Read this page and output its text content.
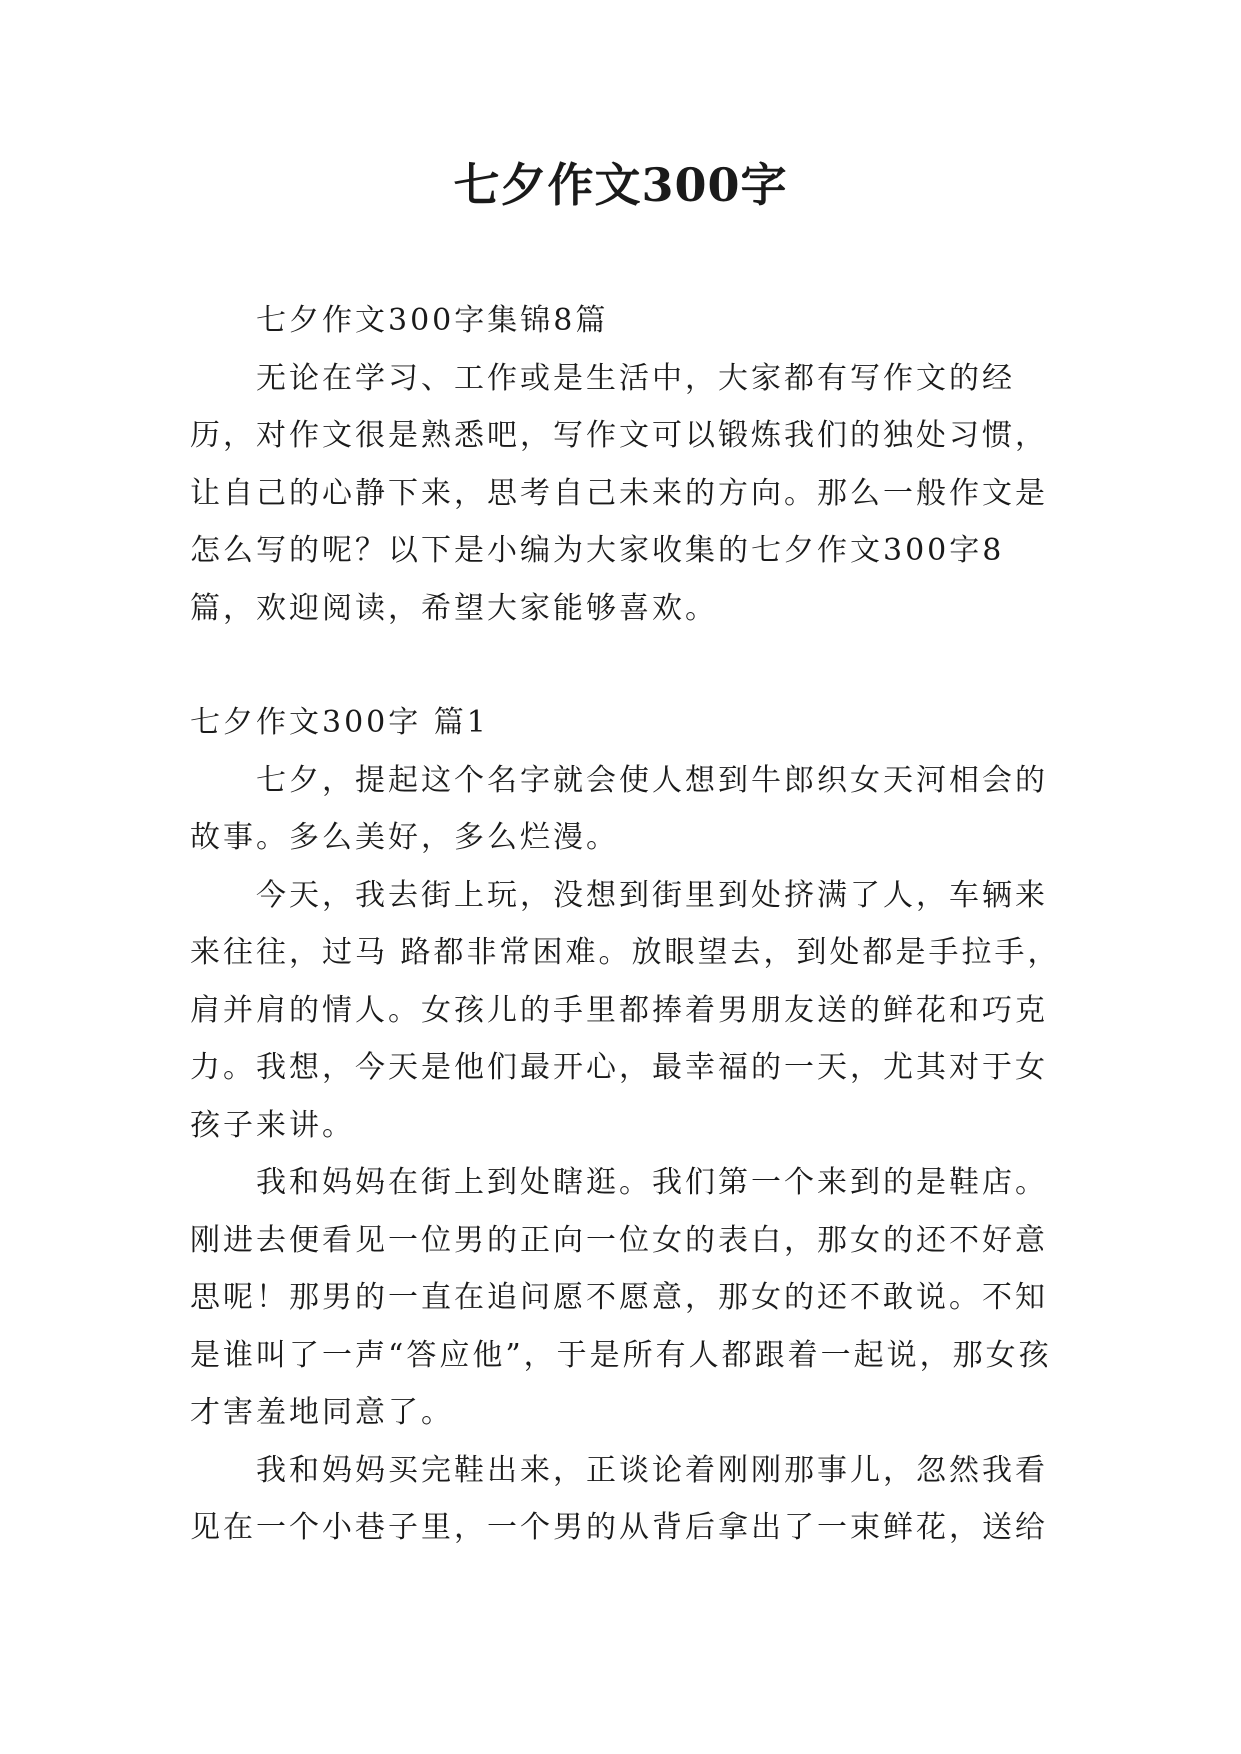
七夕作文300字

七夕作文300字集锦8篇

无论在学习、工作或是生活中，大家都有写作文的经历，对作文很是熟悉吧，写作文可以锻炼我们的独处习惯，让自己的心静下来，思考自己未来的方向。那么一般作文是怎么写的呢？以下是小编为大家收集的七夕作文300字8篇，欢迎阅读，希望大家能够喜欢。

七夕作文300字 篇1

七夕，提起这个名字就会使人想到牛郎织女天河相会的故事。多么美好，多么烂漫。

今天，我去街上玩，没想到街里到处挤满了人，车辆来来往往，过马 路都非常困难。放眼望去，到处都是手拉手，肩并肩的情人。女孩儿的手里都捧着男朋友送的鲜花和巧克力。我想，今天是他们最开心，最幸福的一天，尤其对于女孩子来讲。

我和妈妈在街上到处瞎逛。我们第一个来到的是鞋店。刚进去便看见一位男的正向一位女的表白，那女的还不好意思呢！那男的一直在追问愿不愿意，那女的还不敢说。不知是谁叫了一声“答应他”，于是所有人都跟着一起说，那女孩才害羞地同意了。

我和妈妈买完鞋出来，正谈论着刚刚那事儿，忽然我看见在一个小巷子里，一个男的从背后拿出了一束鲜花，送给
